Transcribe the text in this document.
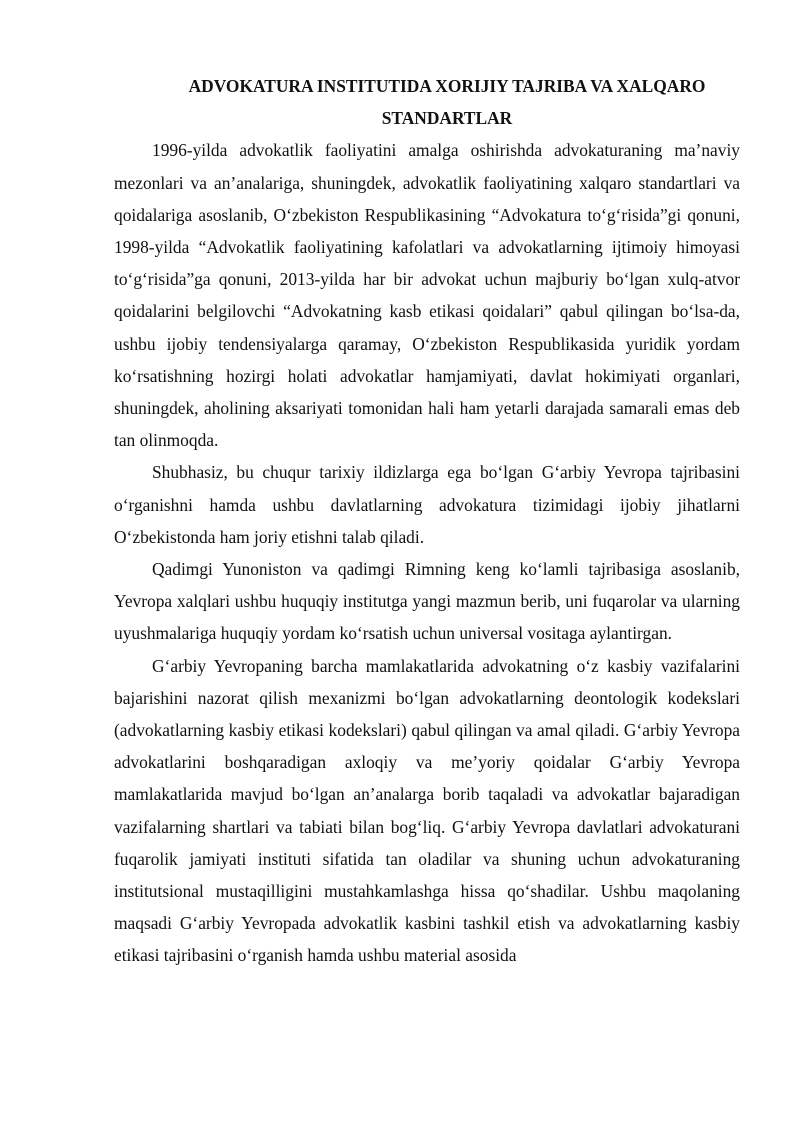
ADVOKATURA INSTITUTIDA XORIJIY TAJRIBA VA XALQARO STANDARTLAR

1996-yilda advokatlik faoliyatini amalga oshirishda advokaturaning ma’naviy mezonlari va an’analariga, shuningdek, advokatlik faoliyatining xalqaro standartlari va qoidalariga asoslanib, O‘zbekiston Respublikasining “Advokatura to‘g‘risida”gi qonuni, 1998-yilda “Advokatlik faoliyatining kafolatlari va advokatlarning ijtimoiy himoyasi to‘g‘risida”ga qonuni, 2013-yilda har bir advokat uchun majburiy bo‘lgan xulq-atvor qoidalarini belgilovchi “Advokatning kasb etikasi qoidalari” qabul qilingan bo‘lsa-da, ushbu ijobiy tendensiyalarga qaramay, O‘zbekiston Respublikasida yuridik yordam ko‘rsatishning hozirgi holati advokatlar hamjamiyati, davlat hokimiyati organlari, shuningdek, aholining aksariyati tomonidan hali ham yetarli darajada samarali emas deb tan olinmoqda.

Shubhasiz, bu chuqur tarixiy ildizlarga ega bo‘lgan G‘arbiy Yevropa tajribasini o‘rganishni hamda ushbu davlatlarning advokatura tizimidagi ijobiy jihatlarni O‘zbekistonda ham joriy etishni talab qiladi.

Qadimgi Yunoniston va qadimgi Rimning keng ko‘lamli tajribasiga asoslanib, Yevropa xalqlari ushbu huquqiy institutga yangi mazmun berib, uni fuqarolar va ularning uyushmalariga huquqiy yordam ko‘rsatish uchun universal vositaga aylantirgan.

G‘arbiy Yevropaning barcha mamlakatlarida advokatning o‘z kasbiy vazifalarini bajarishini nazorat qilish mexanizmi bo‘lgan advokatlarning deontologik kodekslari (advokatlarning kasbiy etikasi kodekslari) qabul qilingan va amal qiladi. G‘arbiy Yevropa advokatlarini boshqaradigan axloqiy va me’yoriy qoidalar G‘arbiy Yevropa mamlakatlarida mavjud bo‘lgan an’analarga borib taqaladi va advokatlar bajaradigan vazifalarning shartlari va tabiati bilan bog‘liq. G‘arbiy Yevropa davlatlari advokaturani fuqarolik jamiyati instituti sifatida tan oladilar va shuning uchun advokaturaning institutsional mustaqilligini mustahkamlashga hissa qo‘shadilar. Ushbu maqolaning maqsadi G‘arbiy Yevropada advokatlik kasbini tashkil etish va advokatlarning kasbiy etikasi tajribasini o‘rganish hamda ushbu material asosida
